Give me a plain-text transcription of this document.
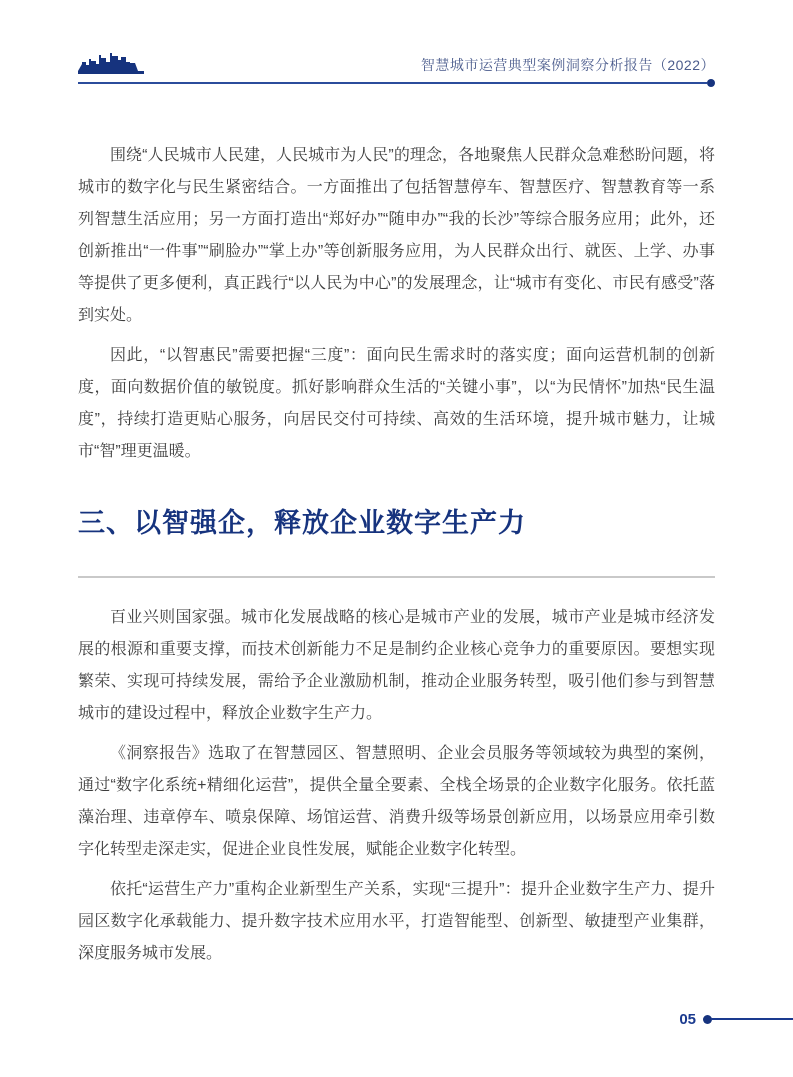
智慧城市运营典型案例洞察分析报告（2022）

围绕“人民城市人民建，人民城市为人民”的理念，各地聚焦人民群众急难愁盼问题，将城市的数字化与民生紧密结合。一方面推出了包括智慧停车、智慧医疗、智慧教育等一系列智慧生活应用；另一方面打造出“郑好办”“随申办”“我的长沙”等综合服务应用；此外，还创新推出“一件事”“刷脸办”“掌上办”等创新服务应用，为人民群众出行、就医、上学、办事等提供了更多便利，真正践行“以人民为中心”的发展理念，让“城市有变化、市民有感受”落到实处。

因此，“以智惠民”需要把握“三度”：面向民生需求时的落实度；面向运营机制的创新度，面向数据价值的敏锐度。抓好影响群众生活的“关键小事”，以“为民情怀”加热“民生温度”，持续打造更贴心服务，向居民交付可持续、高效的生活环境，提升城市魅力，让城市“智”理更温暖。

三、以智强企，释放企业数字生产力

百业兴则国家强。城市化发展战略的核心是城市产业的发展，城市产业是城市经济发展的根源和重要支撑，而技术创新能力不足是制约企业核心竞争力的重要原因。要想实现繁荣、实现可持续发展，需给予企业激励机制，推动企业服务转型，吸引他们参与到智慧城市的建设过程中，释放企业数字生产力。

《洞察报告》选取了在智慧园区、智慧照明、企业会员服务等领域较为典型的案例，通过“数字化系统+精细化运营”，提供全量全要素、全栈全场景的企业数字化服务。依托蓝藻治理、违章停车、喷泉保障、场馆运营、消费升级等场景创新应用，以场景应用牵引数字化转型走深走实，促进企业良性发展，赋能企业数字化转型。

依托“运营生产力”重构企业新型生产关系，实现“三提升”：提升企业数字生产力、提升园区数字化承载能力、提升数字技术应用水平，打造智能型、创新型、敏捷型产业集群，深度服务城市发展。

05
